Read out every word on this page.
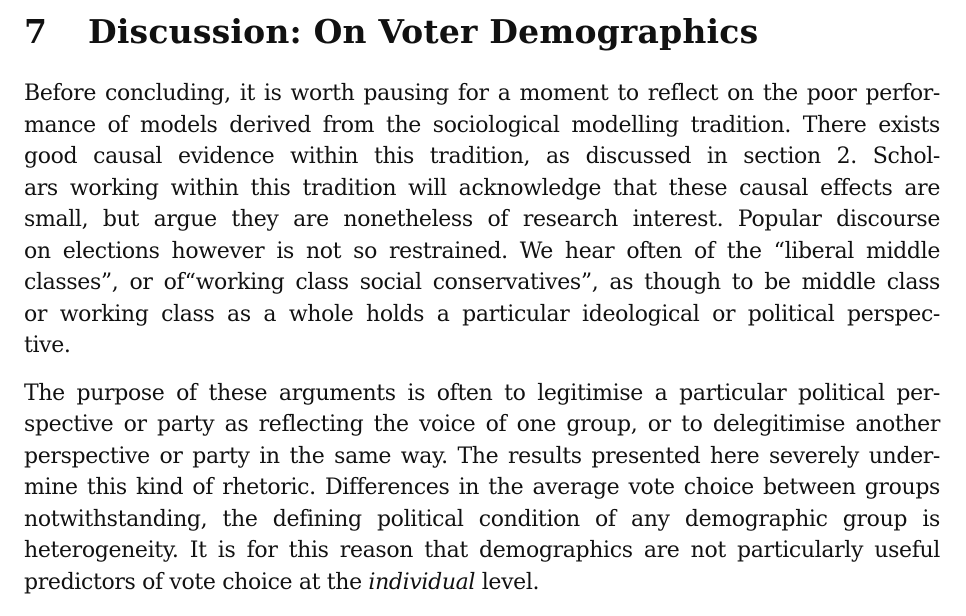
7 Discussion: On Voter Demographics

Before concluding, it is worth pausing for a moment to reflect on the poor perfor-
mance of models derived from the sociological modelling tradition. There exists
good causal evidence within this tradition, as discussed in section 2. Schol-
ars working within this tradition will acknowledge that these causal effects are
small, but argue they are nonetheless of research interest. Popular discourse
on elections however is not so restrained. We hear often of the “liberal middle
classes”, or of“working class social conservatives”, as though to be middle class
or working class as a whole holds a particular ideological or political perspec-
tive.

The purpose of these arguments is often to legitimise a particular political per-
spective or party as reflecting the voice of one group, or to delegitimise another
perspective or party in the same way. The results presented here severely under-
mine this kind of rhetoric. Differences in the average vote choice between groups
notwithstanding, the defining political condition of any demographic group is
heterogeneity. It is for this reason that demographics are not particularly useful
predictors of vote choice at the individual level.
